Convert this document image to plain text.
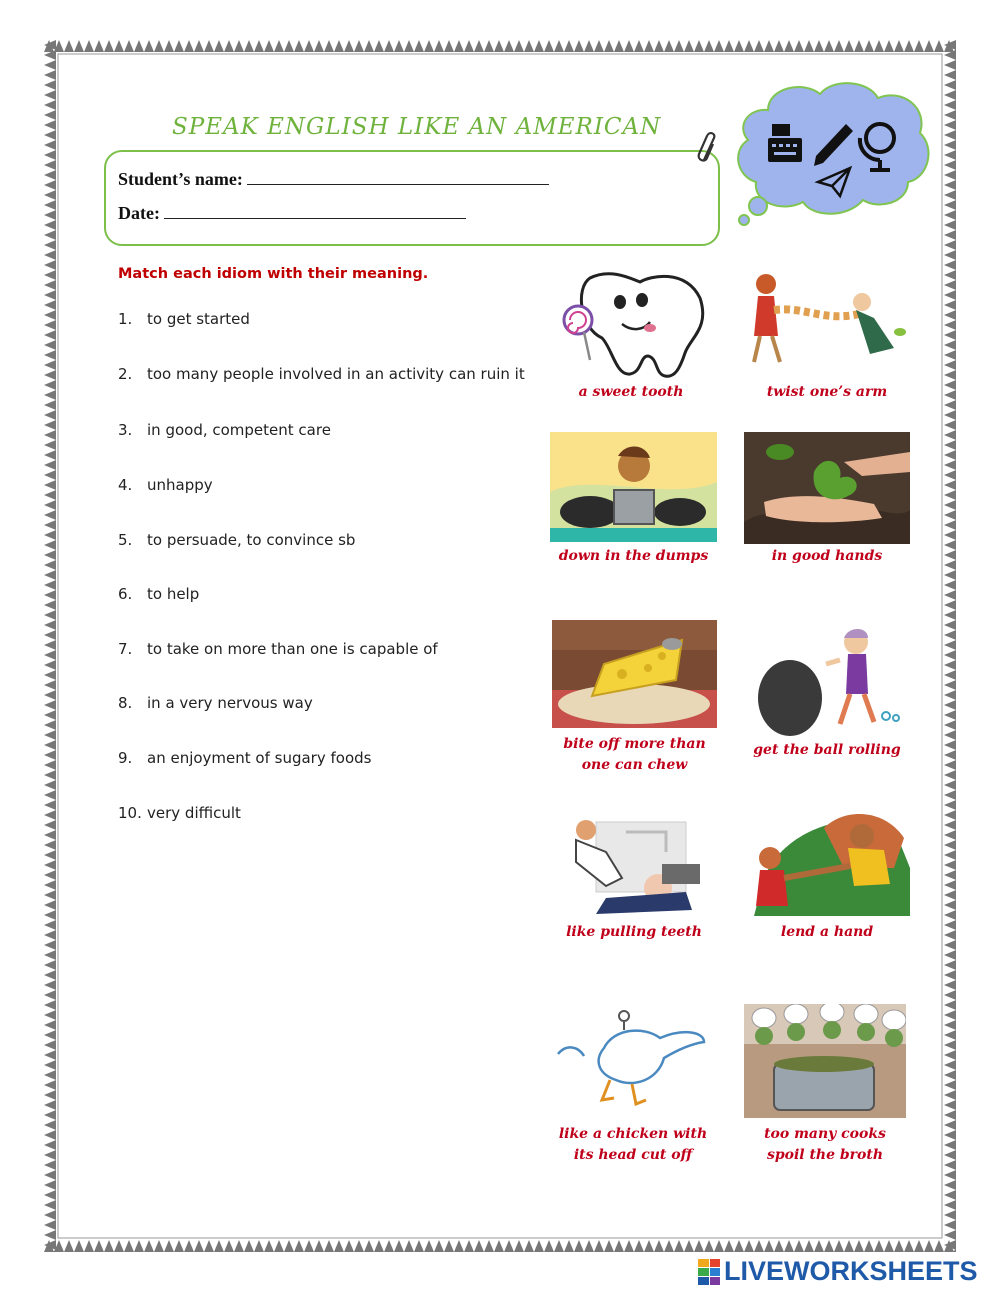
SPEAK ENGLISH LIKE AN AMERICAN
Student’s name:
Date:
Match each idiom with their meaning.
1. to get started
2. too many people involved in an activity can ruin it
3. in good, competent care
4. unhappy
5. to persuade, to convince sb
6. to help
7. to take on more than one is capable of
8. in a very nervous way
9. an enjoyment of sugary foods
10. very difficult
a sweet tooth	twist one’s arm
down in the dumps	in good hands
bite off more than
one can chew
get the ball rolling
like pulling teeth	lend a hand
like a chicken with
its head cut off
too many cooks
spoil the broth
LIVEWORKSHEETS
